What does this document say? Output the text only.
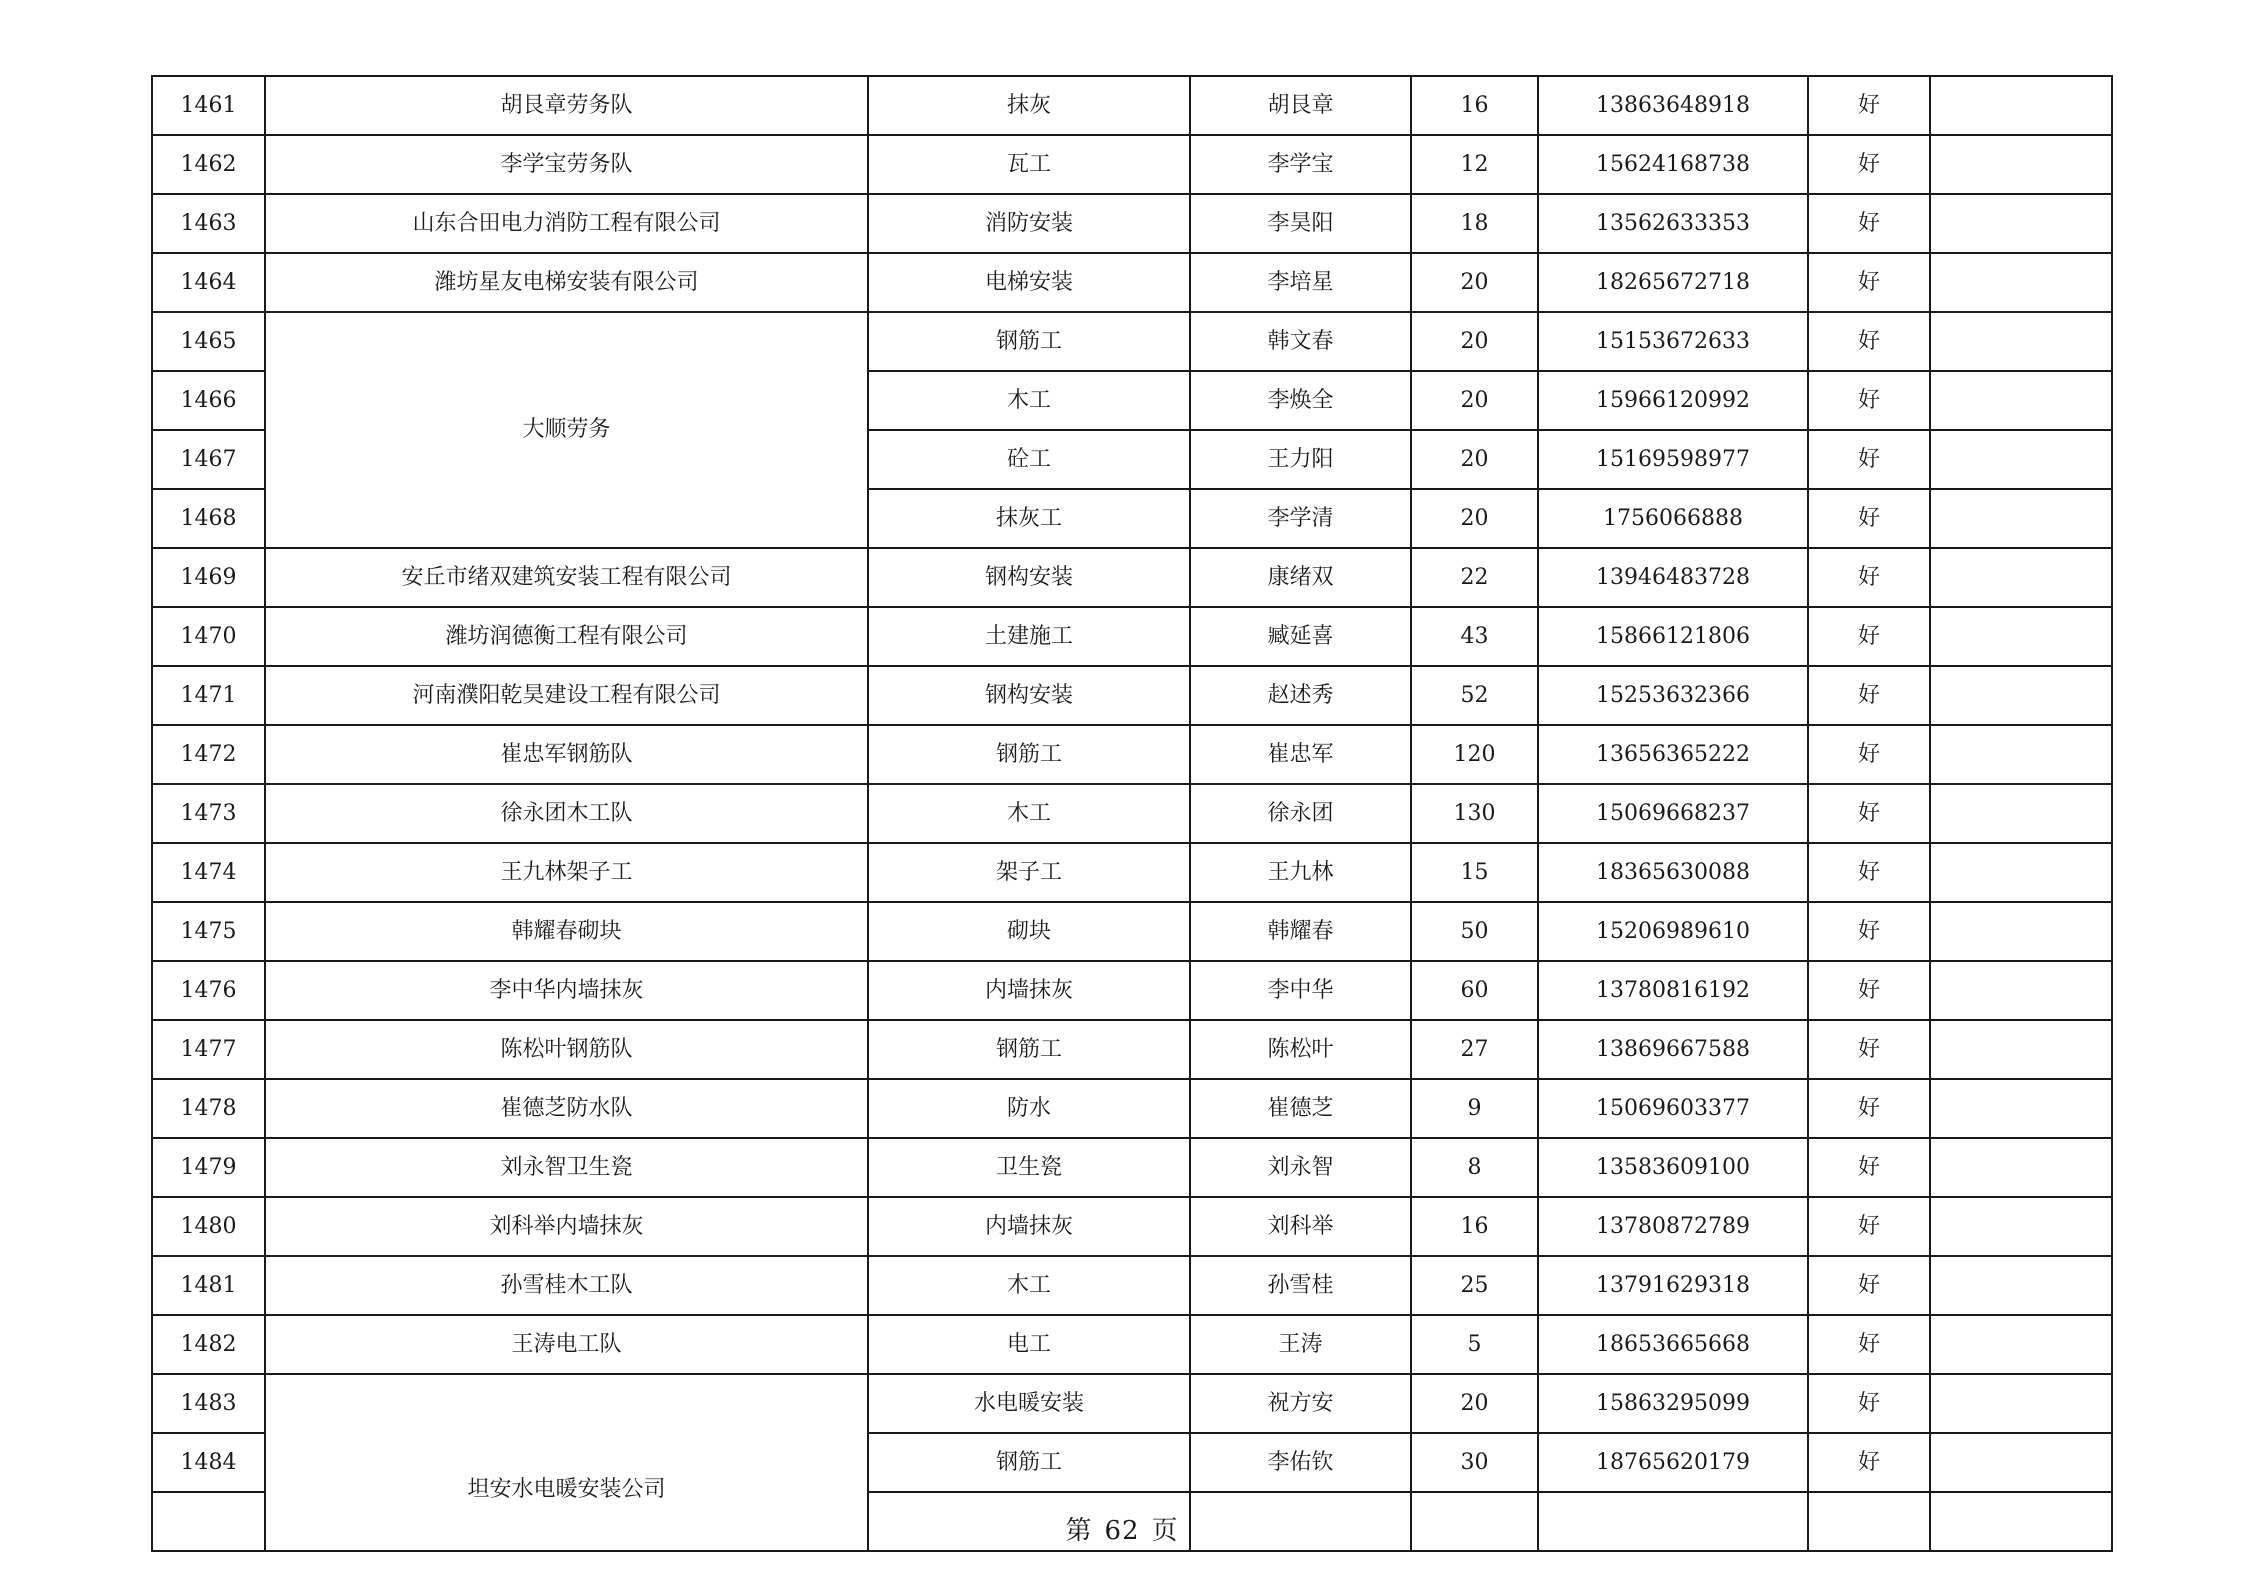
1461	胡艮章劳务队	抹灰	胡艮章	16	13863648918	好	
1462	李学宝劳务队	瓦工	李学宝	12	15624168738	好	
1463	山东合田电力消防工程有限公司	消防安装	李昊阳	18	13562633353	好	
1464	潍坊星友电梯安装有限公司	电梯安装	李培星	20	18265672718	好	
1465	大顺劳务	钢筋工	韩文春	20	15153672633	好	
1466		木工	李焕全	20	15966120992	好	
1467		砼工	王力阳	20	15169598977	好	
1468		抹灰工	李学清	20	1756066888	好	
1469	安丘市绪双建筑安装工程有限公司	钢构安装	康绪双	22	13946483728	好	
1470	潍坊润德衡工程有限公司	土建施工	臧延喜	43	15866121806	好	
1471	河南濮阳乾昊建设工程有限公司	钢构安装	赵述秀	52	15253632366	好	
1472	崔忠军钢筋队	钢筋工	崔忠军	120	13656365222	好	
1473	徐永团木工队	木工	徐永团	130	15069668237	好	
1474	王九林架子工	架子工	王九林	15	18365630088	好	
1475	韩耀春砌块	砌块	韩耀春	50	15206989610	好	
1476	李中华内墙抹灰	内墙抹灰	李中华	60	13780816192	好	
1477	陈松叶钢筋队	钢筋工	陈松叶	27	13869667588	好	
1478	崔德芝防水队	防水	崔德芝	9	15069603377	好	
1479	刘永智卫生瓷	卫生瓷	刘永智	8	13583609100	好	
1480	刘科举内墙抹灰	内墙抹灰	刘科举	16	13780872789	好	
1481	孙雪桂木工队	木工	孙雪桂	25	13791629318	好	
1482	王涛电工队	电工	王涛	5	18653665668	好	
1483	坦安水电暖安装公司	水电暖安装	祝方安	20	15863295099	好	
1484		钢筋工	李佑钦	30	18765620179	好	

第 62 页
